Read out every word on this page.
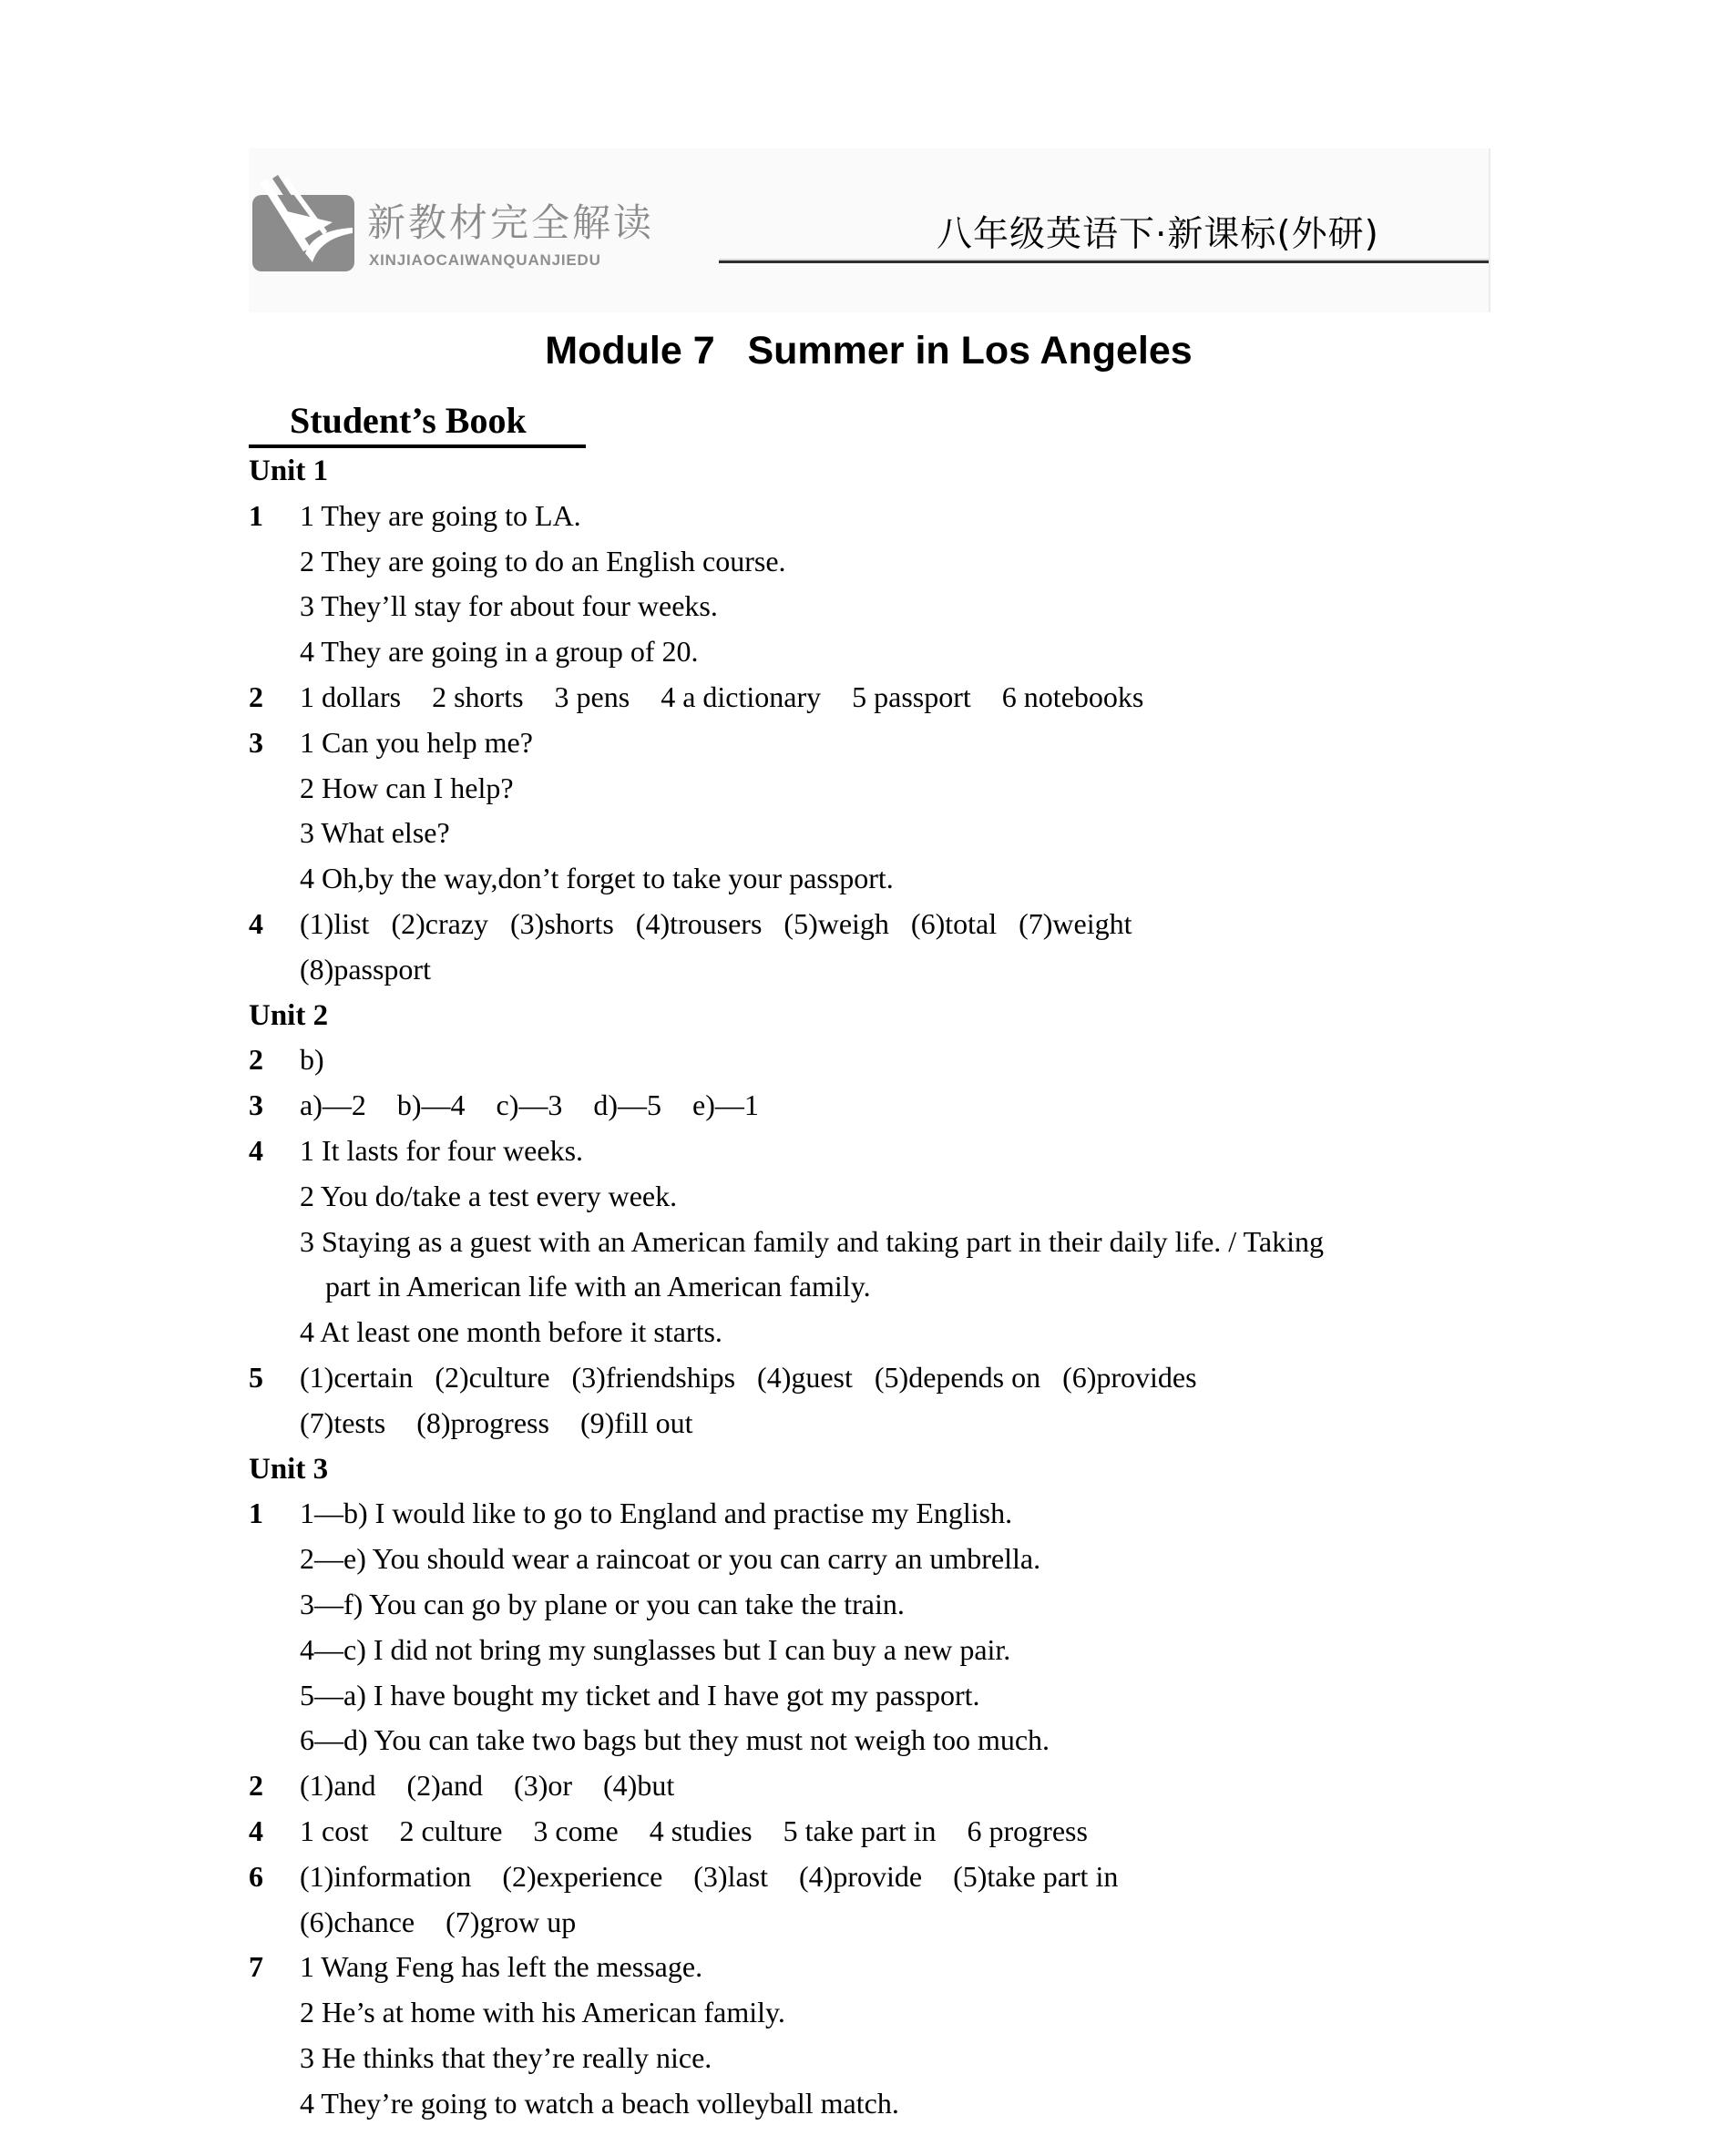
新教材完全解读
XINJIAOCAIWANQUANJIEDU
八年级英语下·新课标(外研)
Module 7   Summer in Los Angeles
Student’s Book
Unit 1
1	1 They are going to LA.
2 They are going to do an English course.
3 They’ll stay for about four weeks.
4 They are going in a group of 20.
2	1 dollars 2 shorts 3 pens 4 a dictionary 5 passport 6 notebooks
3	1 Can you help me?
2 How can I help?
3 What else?
4 Oh,by the way,don’t forget to take your passport.
4	(1)list (2)crazy (3)shorts (4)trousers (5)weigh (6)total (7)weight
(8)passport
Unit 2
2	b)
3	a)—2 b)—4 c)—3 d)—5 e)—1
4	1 It lasts for four weeks.
2 You do/take a test every week.
3 Staying as a guest with an American family and taking part in their daily life. / Taking
part in American life with an American family.
4 At least one month before it starts.
5	(1)certain (2)culture (3)friendships (4)guest (5)depends on (6)provides
(7)tests (8)progress (9)fill out
Unit 3
1	1—b) I would like to go to England and practise my English.
2—e) You should wear a raincoat or you can carry an umbrella.
3—f) You can go by plane or you can take the train.
4—c) I did not bring my sunglasses but I can buy a new pair.
5—a) I have bought my ticket and I have got my passport.
6—d) You can take two bags but they must not weigh too much.
2	(1)and (2)and (3)or (4)but
4	1 cost 2 culture 3 come 4 studies 5 take part in 6 progress
6	(1)information (2)experience (3)last (4)provide (5)take part in
(6)chance (7)grow up
7	1 Wang Feng has left the message.
2 He’s at home with his American family.
3 He thinks that they’re really nice.
4 They’re going to watch a beach volleyball match.
